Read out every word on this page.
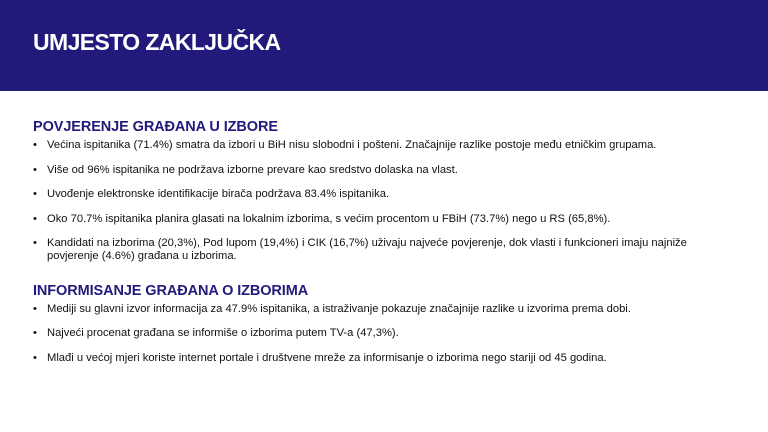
UMJESTO ZAKLJUČKA
POVJERENJE GRAĐANA U IZBORE
• Većina ispitanika (71.4%) smatra da izbori u BiH nisu slobodni i pošteni. Značajnije razlike postoje među etničkim grupama.
• Više od 96% ispitanika ne podržava izborne prevare kao sredstvo dolaska na vlast.
• Uvođenje elektronske identifikacije birača podržava 83.4% ispitanika.
• Oko 70.7% ispitanika planira glasati na lokalnim izborima, s većim procentom u FBiH (73.7%) nego u RS (65,8%).
• Kandidati na izborima (20,3%), Pod lupom (19,4%) i CIK (16,7%) uživaju najveće povjerenje, dok vlasti i funkcioneri imaju najniže povjerenje (4.6%) građana u izborima.
INFORMISANJE GRAĐANA O IZBORIMA
• Mediji su glavni izvor informacija za 47.9% ispitanika, a istraživanje pokazuje značajnije razlike u izvorima prema dobi.
• Najveći procenat građana se informiše o izborima putem TV-a (47,3%).
• Mlađi u većoj mjeri koriste internet portale i društvene mreže za informisanje o izborima nego stariji od 45 godina.
